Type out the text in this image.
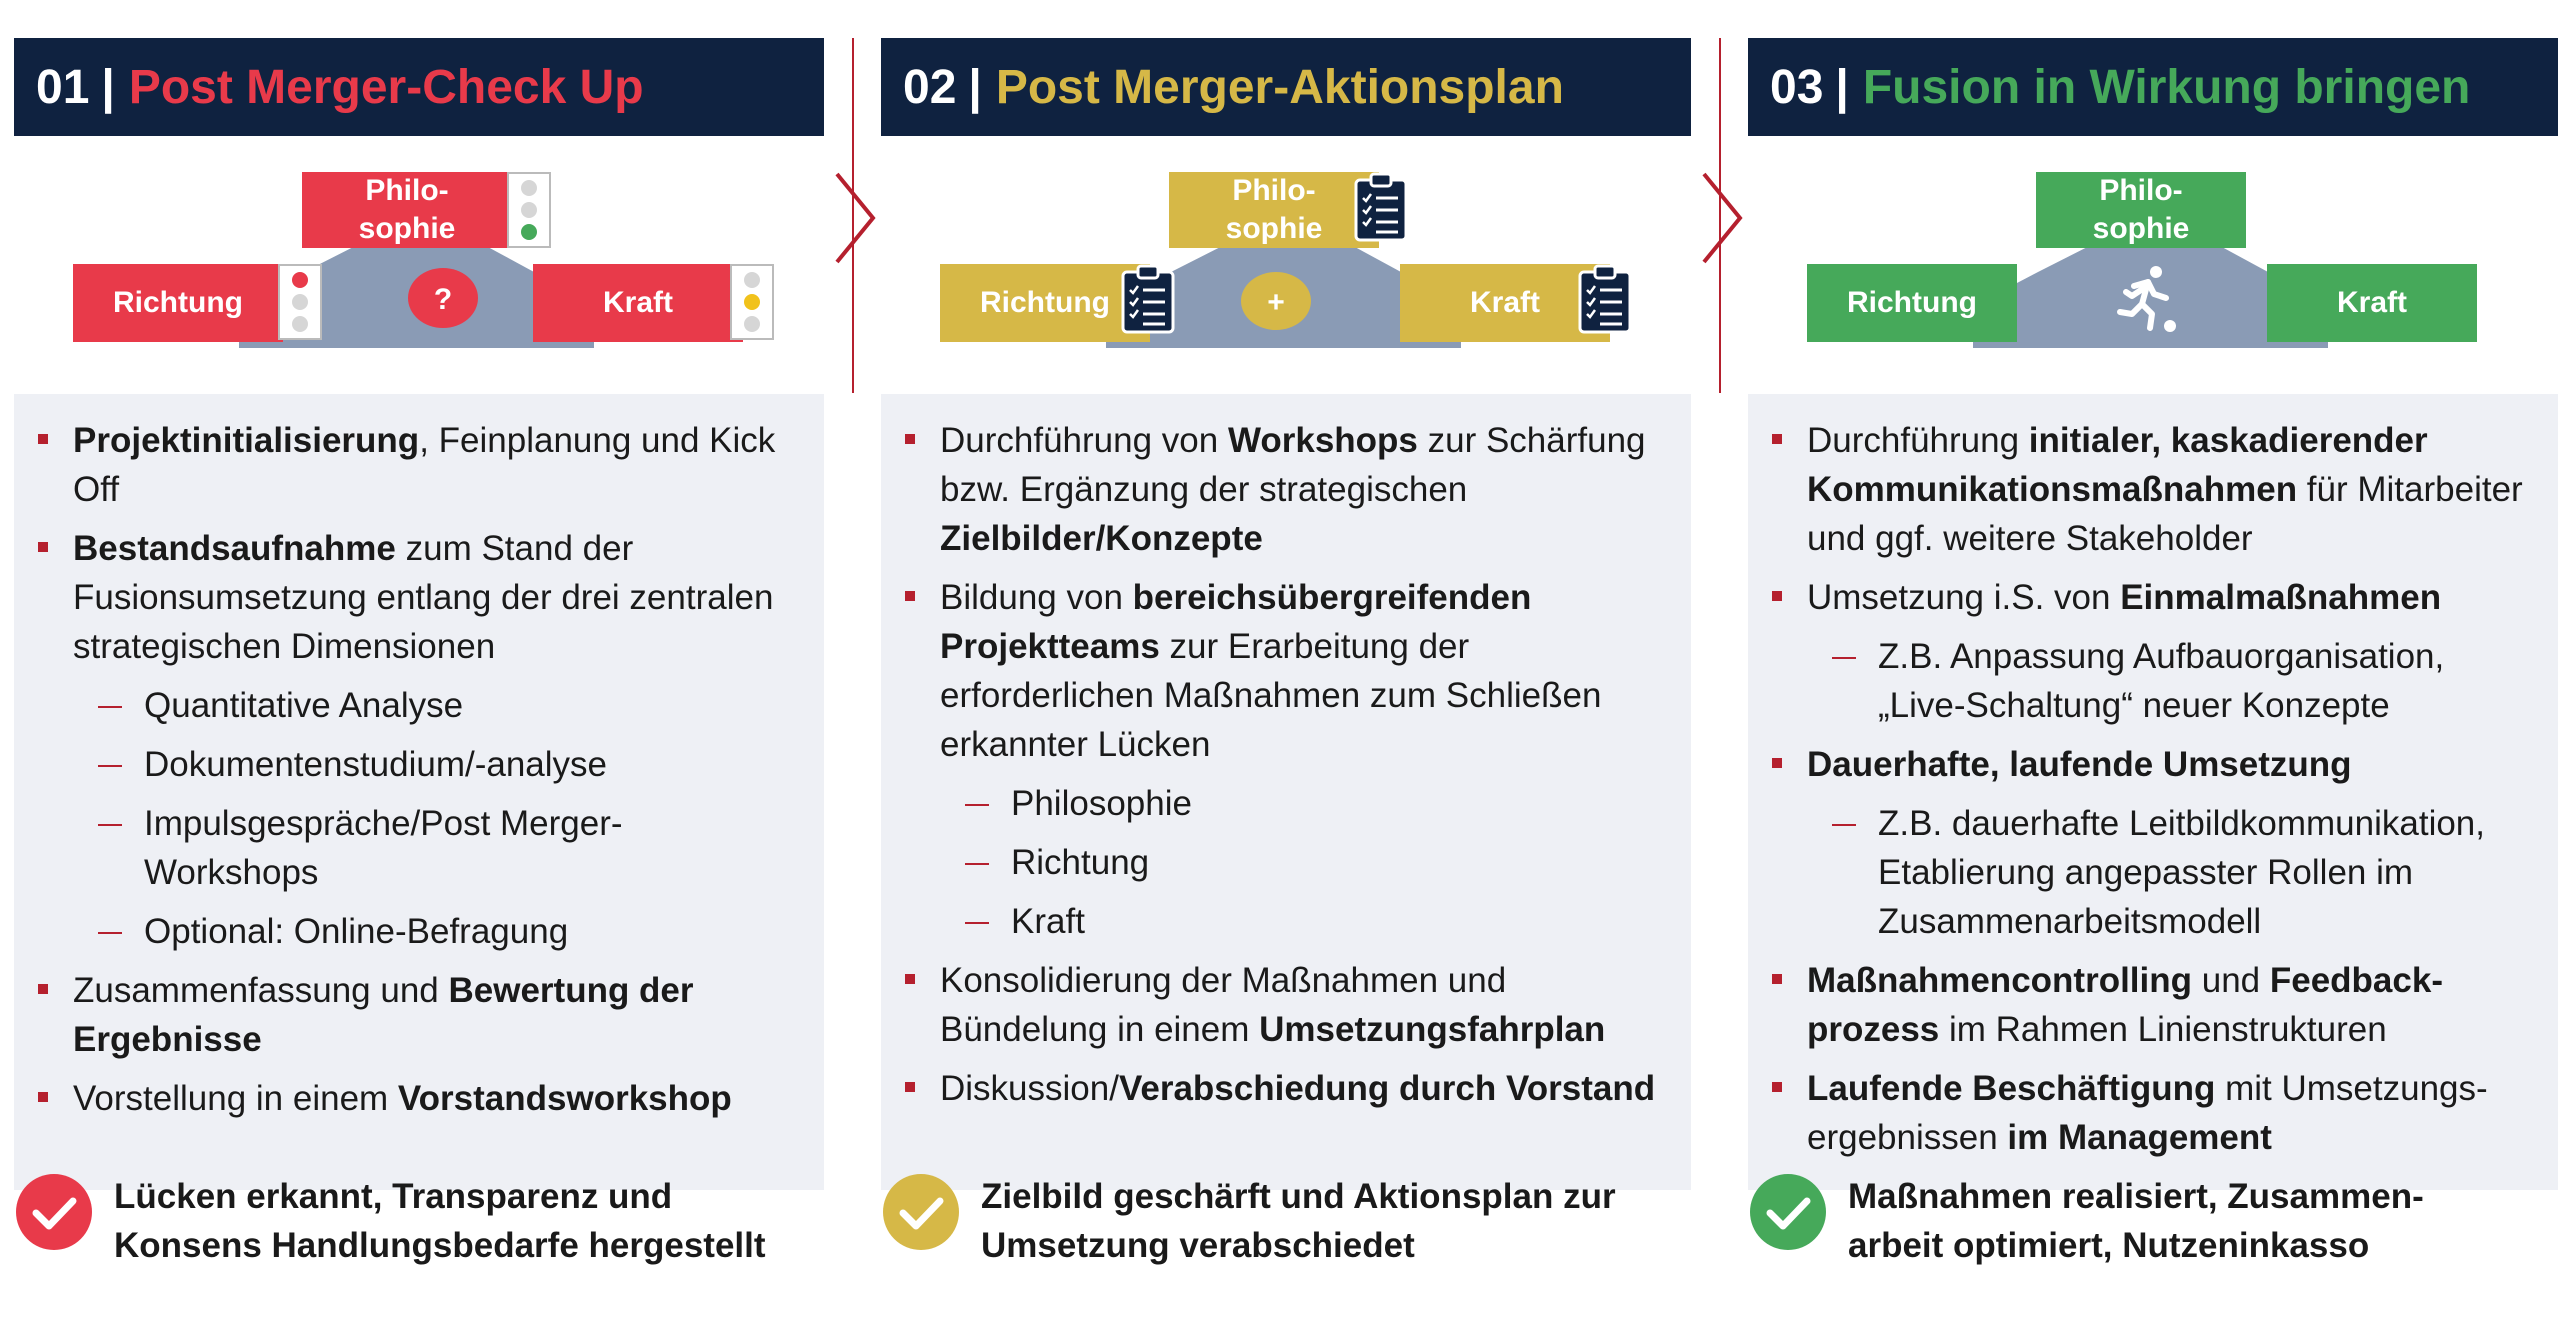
01 | Post Merger-Check Up
Philo-
sophie
Richtung	Kraft
?
Projektinitialisierung, Feinplanung und Kick Off
Bestandsaufnahme zum Stand der Fusionsumsetzung entlang der drei zentralen strategischen Dimensionen
Quantitative Analyse
Dokumentenstudium/-analyse
Impulsgespräche/Post Merger-Workshops
Optional: Online-Befragung
Zusammenfassung und Bewertung der Ergebnisse
Vorstellung in einem Vorstandsworkshop
02 | Post Merger-Aktionsplan
Philo-
sophie
Richtung	Kraft
+
Durchführung von Workshops zur Schärfung bzw. Ergänzung der strategischen Zielbilder/Konzepte
Bildung von bereichsübergreifenden Projektteams zur Erarbeitung der erforderlichen Maßnahmen zum Schließen erkannter Lücken
Philosophie
Richtung
Kraft
Konsolidierung der Maßnahmen und Bündelung in einem Umsetzungsfahrplan
Diskussion/Verabschiedung durch Vorstand
03 | Fusion in Wirkung bringen
Philo-
sophie
Richtung	Kraft
Durchführung initialer, kaskadierender Kommunikationsmaßnahmen für Mitarbeiter und ggf. weitere Stakeholder
Umsetzung i.S. von Einmalmaßnahmen
Z.B. Anpassung Aufbauorganisation, „Live-Schaltung“ neuer Konzepte
Dauerhafte, laufende Umsetzung
Z.B. dauerhafte Leitbildkommunikation, Etablierung angepasster Rollen im Zusammenarbeitsmodell
Maßnahmencontrolling und Feedback-prozess im Rahmen Linienstrukturen
Laufende Beschäftigung mit Umsetzungs-ergebnissen im Management
Lücken erkannt, Transparenz und
Konsens Handlungsbedarfe hergestellt
Zielbild geschärft und Aktionsplan zur
Umsetzung verabschiedet
Maßnahmen realisiert, Zusammen-
arbeit optimiert, Nutzeninkasso
